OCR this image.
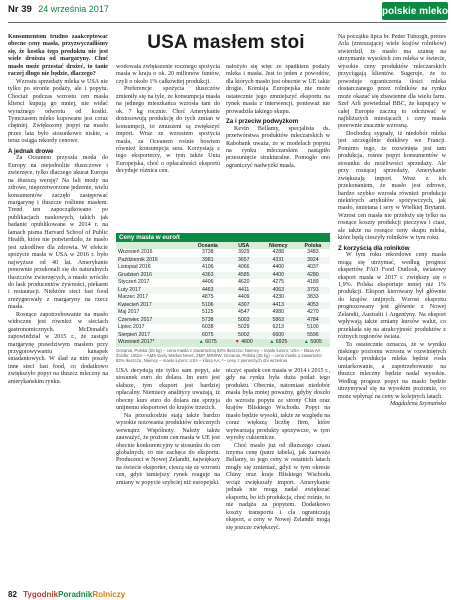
Nr 39 24 września 2017	polskie mleko
USA masłem stoi

Konsumentom trudno zaakceptować obecne ceny masła, przyzwyczailiśmy się, że kostka tego produktu nie jest wiele droższa od margaryny. Choć masło może przestać drożeć, to tanie raczej długo nie będzie, dlaczego?

Wzrostu sprzedaży mleka w USA nie tylko po stronie podaży, ale i popytu. Chociaż podczas wzrostu cen masła klienci kupują go mniej, nie widać wyraźnego odwrotu od kostki. Tymczasem mleko kupowane jest coraz chętniej. Zwiększony popyt na masło przez lata było stosunkowo niskie, a teraz osiąga rekordy cenowe.

A jednak drowe

Za Oceanem przyszła moda do Europy na niejednolite tłuszczowe i zwierzęce, tylko dlaczego akurat Europa na tłustszą wersję? Na fali mody na zdrowe, nieprzetworzone jedzenie, wielu konsumentów zaczęło zastępować margarynę i tłuszcze roślinne masłem. Trend ten zapoczątkowano po publikacjach naukowych, takich jak badanie opublikowane w 2014 r. na łamach pisma Harvard School of Public Health, które nie potwierdziło, że masło jest szkodliwe dla zdrowia. W efekcie spożycie masła w USA w 2016 r. było najwyższe od 40 lat. Amerykanie ponownie przekonali się do naturalnych tłuszczów zwierzęcych, a masło wróciło do łask producentów żywności, piekarni i restauracji. Niektóre sieci fast food zrezygnowały z margaryny na rzecz masła.

Rosnące zapotrzebowanie na masło widoczne jest również w sieciach gastronomicznych. McDonald's zapowiedział w 2015 r., że zastąpi margarynę prawdziwym masłem przy przygotowywaniu kanapek śniadaniowych. W ślad za nim poszły inne sieci fast food, co dodatkowo zwiększyło popyt na tłuszcz mleczny na amerykańskim rynku.

wodowała zwiększenie rocznego spożycia masła w kraju o ok. 20 milionów funtów, czyli o około 1% całkowitej produkcji.

Preferencje spożycia tłuszczów zmieniły się na tyle, że konsumpcja masła na jednego mieszkańca wzrosła tam do ok. 7 kg rocznie. Choć Amerykanie dostosowują produkcję do tych zmian w konsumpcji, to zmuszeni są zwiększyć import. Wraz ze wzrostem spożycia masła, za Oceanem rośnie bowiem również konsumpcja sera. Korzystają z tego eksporterzy, w tym także Unia Europejska, choć o opłacalności eksportu decyduje różnica cen.

nałożyło się więc ze spadkiem podaży mleka i masła. Jest to jeden z powodów, dla których masło jest obecnie w UE takie drogie. Komisja Europejska nie może ostatecznie jego zmniejszyć eksportu na rynek masła z interwencji, ponieważ nie prowadziła takiego skupu.

Za i przeciw podwyżkom

Kevin Bellamy, specjalista ds. przetwórstwa produktów mleczarskich w Rabobank uważa, że w modelach popytu na rynku mleczarskim nastąpiło przesunięcie strukturalne. Pomogło ono ograniczyć nadwyżki masła.

Ceny masła w euro/t
	Oceania	USA	Niemcy	Polska
Wrzesień 2016	3738	3929	4288	3483
Październik 2016	3981	3657	4331	3924
Listopad 2016	4106	4066	4400	4037
Grudzień 2016	4363	4585	4400	4280
Styczeń 2017	4406	4620	4275	4189
Luty 2017	4463	4411	4063	3793
Marzec 2017	4875	4409	4230	3833
Kwiecień 2017	5106	4307	4413	4053
Maj 2017	5125	4547	4980	4270
Czerwiec 2017	5738	5003	5863	4784
Lipiec 2017	6038	5029	6213	5100
Sierpień 2017	6075	5002	6600	5596
Wrzesień 2017*	▲ 6075	▼ 4600	▲ 6925	▲ 5905
Oceania, Polska (25 kg) – cena masła z zawartością 82% tłuszczu; Niemcy – masło luzem; USA – klasa AA
Źródło: USDA – AMS Dairy Market News, ZMP, MRiRW; Oceania, Polska (25 kg) – cena masła o zawartości 82% tłuszczu; Niemcy – masło luzem; USA – klasa AA; *– ceny z pierwszych dni września

USA decydują nie tylko sam popyt, ale stosunek euro do dolara. Im euro jest słabsze, tym eksport jest bardziej opłacalny. Niemiecy analitycy uważają, iż obecny kurs euro do dolara nie sprzyja unijnemu eksportowi do krajów trzecich.

Na przeszkodzie stają także bardzo wysokie notowania produktów mlecznych wewnątrz Wspólnoty. Należy także zauważyć, że poziom cen masła w UE jest obecnie konkurencyjny w stosunku do cen globalnych, co nie zachęca do eksportu. Producenci w Nowej Zelandii, największy na świecie eksporter, cieszą się ze wzrostu cen, gdyż tamtejszy rynek reaguje na zmiany w popycie szybciej niż europejski.

niczyć spadek cen masła w 2014 i 2015 r., gdy na rynku była duża podaż tego produktu. Obecnie, natomiast niedobór masła była mniej poważny, gdyby doszło do wzrostu popytu ze strony Chin oraz krajów Bliskiego Wschodu. Popyt na masło będzie wysoki, także ze względu na coraz większą liczbę firm, które wytwarzają produkty spożywcze, w tym wyroby cukiernicze.

Choć masło już od dłuższego czasu trzyma cenę (patrz tabela), jak zauważa Bellamy, to jego ceny w ostatnich latach mogły się zmieniać, gdyż w tym okresie Chiny oraz kraje Bliskiego Wschodu wciąż zwiększały import. Amerykanie jednak nie mogą nadal zwiększać eksportu, bo ich produkcja, choć rośnie, to nie nadąża za popytem. Dodatkowo koszty transportu i cła ograniczają eksport, a ceny w Nowej Zelandii mogą się jeszcze zwiększyć.

Na początku lipca br. Peder Tuborgh, prezes Arla (zrzeszającej wiele krajów rolników) stwierdził, że masło ma szansę na utrzymanie wysokich cen mleka w świecie, wysokie ceny produktów mleczarskich przyciągają klientów. Sugeruje, że to powoduje ograniczenia ilości mleka dostarczanego przez rolników na rynku może okazać się zbawienne dla wielu farm. Szef Arli powiedział BBC, że kupujący w całej Europie zaczną to odczuwać w najbliższych miesiącach i ceny masła ponownie znacznie wzrosną.

Dochodzą sygnały, iż niedobór mleka jest szczególnie dotkliwy we Francji. Pomimo tego, że rozwinięta jest tam produkcja, rośnie popyt konsumentów w stosunku do możliwości sprzedaży. Ale przy rosnącej sprzedaży, Amerykanie zwiększają import. Wraz z ich przekonaniem, że masło jest zdrowe, bardzo szybko wzrosła również produkcja niektórych artykułów spożywczych, jak masło, śmietana i sery w Wielkiej Brytanii. Wzrost cen masła nie przełoży się tylko na rosnące koszty produkcji pieczywa i ciast, ale także na rosnące ceny skupu mleka, które będą cieszyły rolników w tym roku.

Z korzyścią dla rolników

W tym roku rekordowe ceny masła mogą się utrzymać, według prognoz ekspertów FAO Food Outlook, światowy eksport masła w 2017 r. zwiększy się o 1,9%. Polska eksportuje mniej niż 1% produkcji. Eksport kierowany był głównie do krajów unijnych. Wzrost eksportu prognozowany jest głównie z Nowej Zelandii, Australii i Argentyny. Na eksport wpływają także zmiany kursów walut, co przekłada się na atrakcyjność produktów z różnych regionów świata.

To ostatecznie oznacza, że w wyniku niskiego poziomu wzrostu w rozwiniętych krajach produkcja mleka będzie rosła umiarkowanie, a zapotrzebowanie na tłuszcz mleczny będzie nadal wysokie. Według prognoz popyt na masło będzie utrzymywał się na wysokim poziomie, co może wpłynąć na ceny w kolejnych latach.

Magdalena Szymańska

82 TygodnikPoradnikRolniczy
